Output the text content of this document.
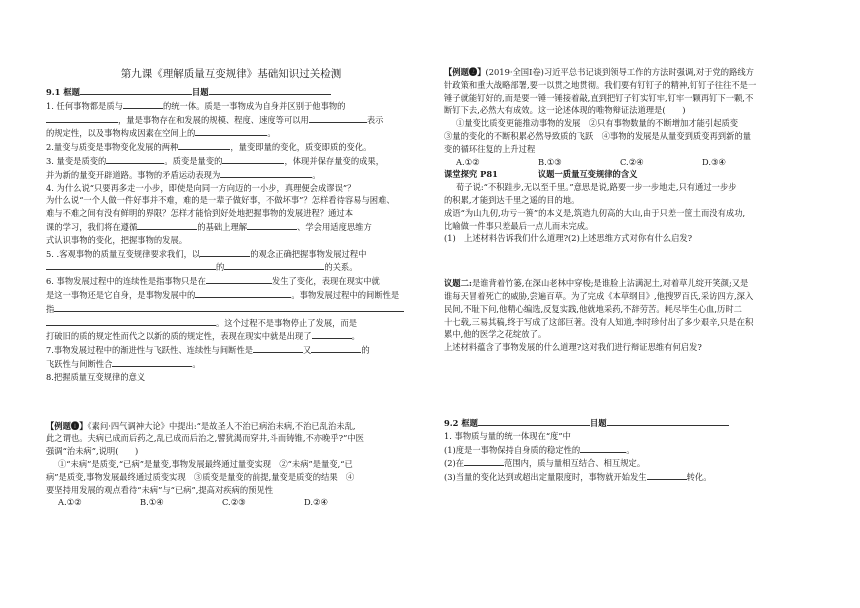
第九课《理解质量互变规律》基础知识过关检测

9.1 框题	目题

1. 任何事物都是质与	的统一体。质是一事物成为自身并区别于他事物的

，量是事物存在和发展的规模、程度、速度等可以用	表示

的规定性，以及事物构成因素在空间上的	。

2.量变与质变是事物变化发展的两种	，量变即量的变化，质变即质的变化。

3. 量变是质变的	。质变是量变的	，体现并保存量变的成果，

并为新的量变开辟道路。事物的矛盾运动表现为	。

4. 为什么说“只要再多走一小步，即使是向同一方向迈的一小步，真理便会成谬误”？

为什么说“一个人做一件好事并不难，难的是一辈子做好事，不做坏事”？怎样看待容易与困难、

难与不难之间有没有鲜明的界限？怎样才能恰到好处地把握事物的发展进程？通过本

课的学习，我们将在遵循	的基础上理解	、学会用适度思维方

式认识事物的变化，把握事物的发展。

5. .客观事物的质量互变规律要求我们，以	的观念正确把握事物发展过程中

的	的关系。

6. 事物发展过程中的连续性是指事物只是在	发生了变化，表现在现实中就

是这一事物还是它自身，是事物发展中的	。事物发展过程中的间断性是

指

。这个过程不是事物停止了发展，而是

打破旧的质的规定性而代之以新的质的规定性，表现在现实中就是出现了	。

7.事物发展过程中的渐进性与飞跃性、连续性与间断性是	又	的

飞跃性与间断性合	。

8.把握质量互变规律的意义

【例题❶】《素问·四气调神大论》中提出:“是故圣人不治已病治未病,不治已乱治未乱,

此之谓也。夫病已成而后药之,乱已成而后治之,譬犹渴而穿井,斗而铸锥,不亦晚乎?”中医

强调“治未病”,说明(　　)

①“未病”是质变,“已病”是量变,事物发展最终通过量变实现　②“未病”是量变,“已

病”是质变,事物发展最终通过质变实现　③质变是量变的前提,量变是质变的结果　④

要坚持用发展的观点看待“未病”与“已病”,提高对疾病的预见性

A.①②	B.①④	C.②③	D.②④

【例题❷】(2019·全国Ⅰ卷)习近平总书记谈到领导工作的方法时强调,对于党的路线方

针政策和重大战略部署,要一以贯之地贯彻。我们要有钉钉子的精神,钉钉子往往不是一

锤子就能钉好的,而是要一锤一锤接着敲,直到把钉子钉实钉牢,钉牢一颗再钉下一颗,不

断钉下去,必然大有成效。这一论述体现的唯物辩证法道理是(　　)

①量变比质变更能推动事物的发展　②只有事物数量的不断增加才能引起质变

③量的变化的不断积累必然导致质的飞跃　④事物的发展是从量变到质变再到新的量

变的循环往复的上升过程

A.①②	B.①③	C.②④	D.③④

课堂探究 P81	议题一质量互变规律的含义

荀子说:“不积跬步,无以至千里。”意思是说,路要一步一步地走,只有通过一步步

的积累,才能到达千里之遥的目的地。

成语“为山九仞,功亏一篑”的本义是,筑造九仞高的大山,由于只差一筐土而没有成功,

比喻做一件事只差最后一点儿而未完成。

(1)　上述材料告诉我们什么道理?(2)上述思维方式对你有什么启发?

议题二:是谁背着竹篓,在深山老林中穿梭;是谁脸上沾满泥土,对着草儿绽开笑颜;又是

谁每天冒着死亡的威胁,尝遍百草。为了完成《本草纲目》,他搜罗百氏,采访四方,深入

民间,不耻下问,他精心编选,反复实践,他就地采药,不辞劳苦。耗尽毕生心血,历时二

十七载,三易其稿,终于写成了这部巨著。没有人知道,李时珍付出了多少艰辛,只是在积

累中,他的医学之花绽放了。

上述材料蕴含了事物发展的什么道理?这对我们进行辩证思维有何启发?

9.2 框题	目题

1. 事物质与量的统一体现在“度”中

(1)度是一事物保持自身质的稳定性的	。

(2)在	范围内，质与量相互结合、相互规定。

(3)当量的变化达到或超出定量限度时，事物就开始发生	转化。
